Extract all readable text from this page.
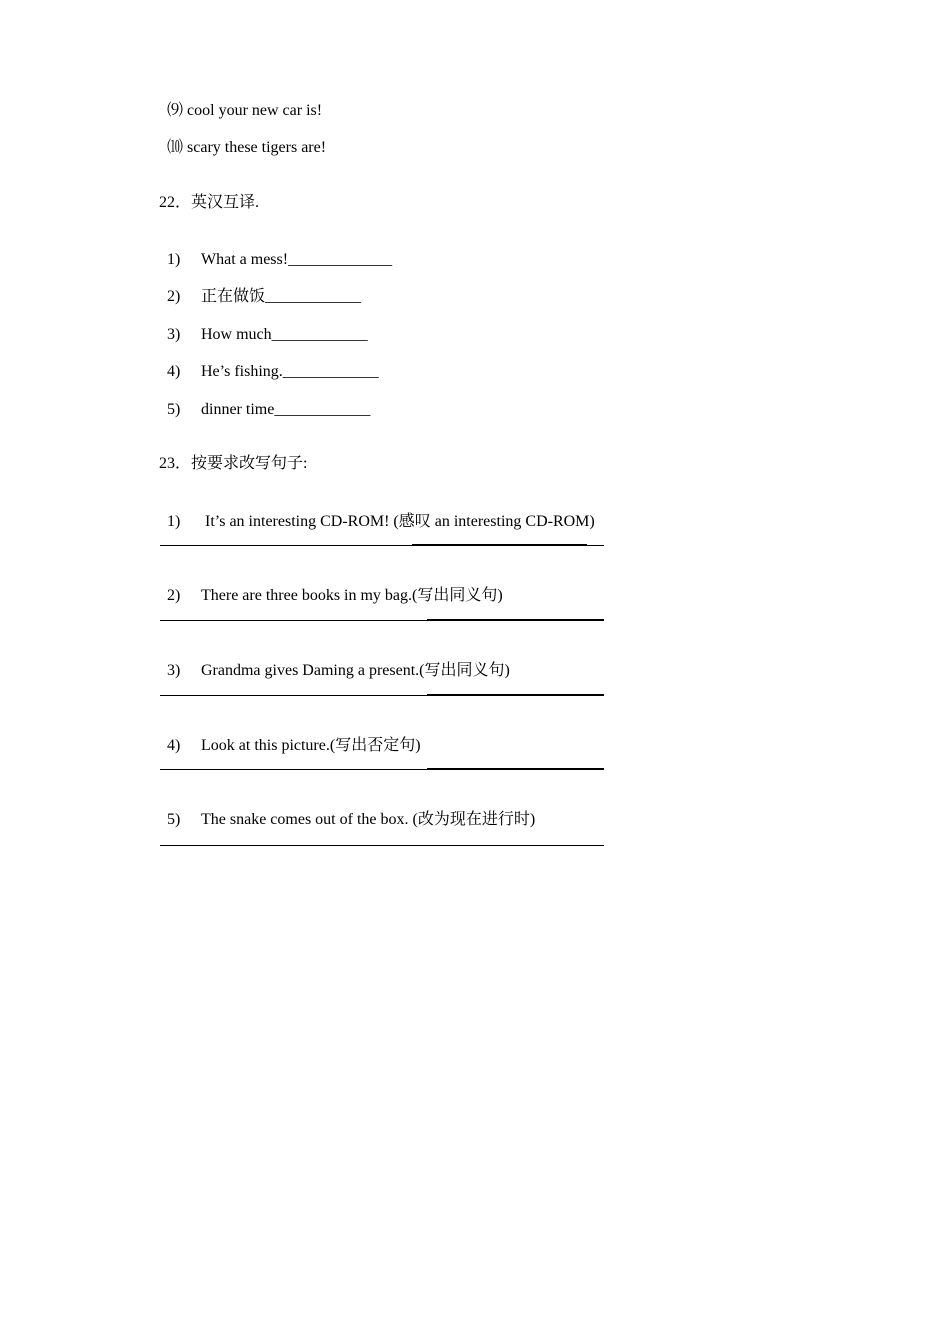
⑼ cool your new car is!

⑽ scary these tigers are!

22．英汉互译.

1) What a mess!_____________

2) 正在做饭____________

3) How much____________

4) He’s fishing.____________

5) dinner time____________

23．按要求改写句子:

1) It’s an interesting CD-ROM! (感叹 an interesting CD-ROM)

2) There are three books in my bag.(写出同义句)

3) Grandma gives Daming a present.(写出同义句)

4) Look at this picture.(写出否定句)

5) The snake comes out of the box. (改为现在进行时)
